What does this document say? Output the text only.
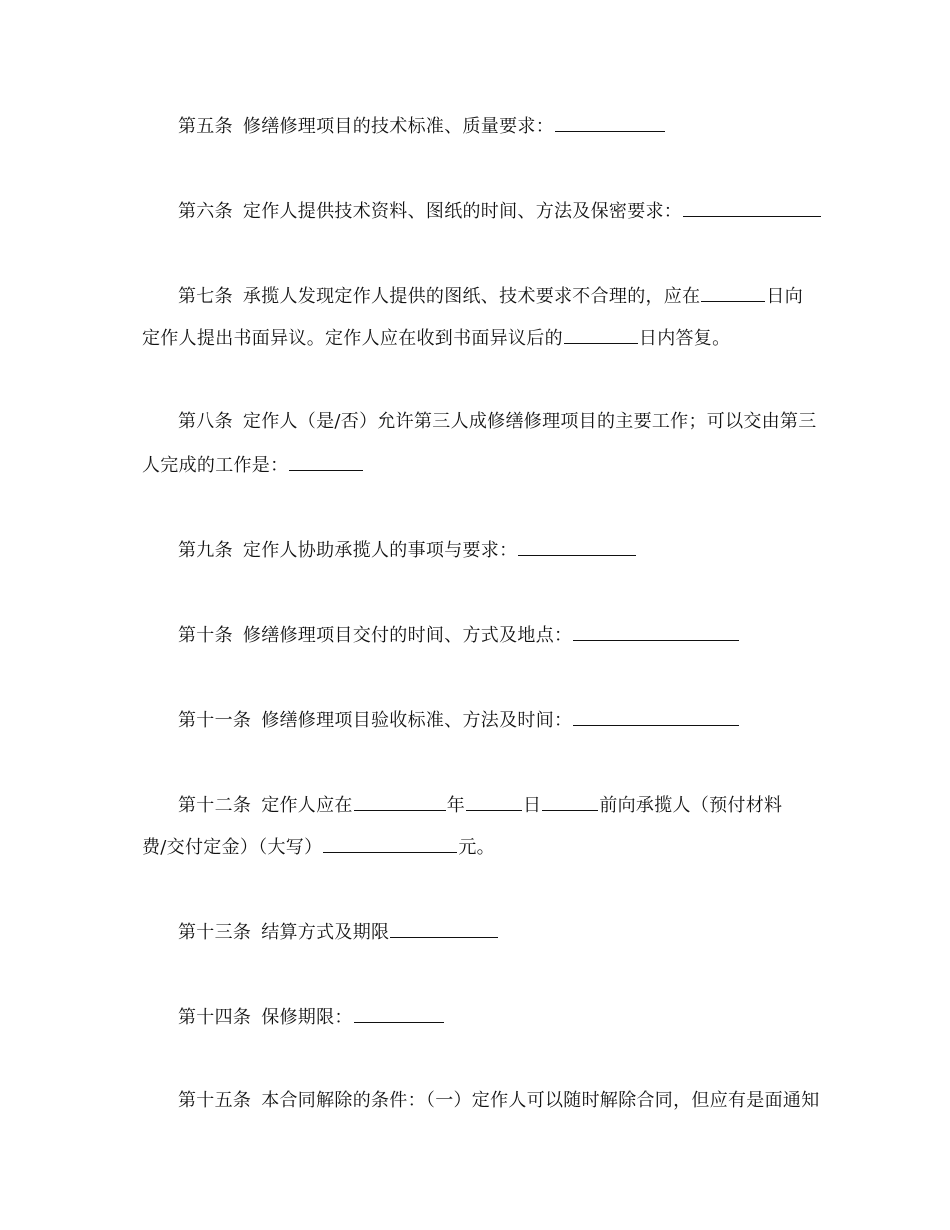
第五条 修缮修理项目的技术标准、质量要求：
第六条 定作人提供技术资料、图纸的时间、方法及保密要求：
第七条 承揽人发现定作人提供的图纸、技术要求不合理的，应在	日向
定作人提出书面异议。定作人应在收到书面异议后的	日内答复。
第八条 定作人（是/否）允许第三人成修缮修理项目的主要工作；可以交由第三
人完成的工作是：
第九条 定作人协助承揽人的事项与要求：
第十条 修缮修理项目交付的时间、方式及地点：
第十一条 修缮修理项目验收标准、方法及时间：
第十二条 定作人应在	年	日	前向承揽人（预付材料
费/交付定金）（大写）	元。
第十三条 结算方式及期限
第十四条 保修期限：
第十五条 本合同解除的条件：（一）定作人可以随时解除合同，但应有是面通知
